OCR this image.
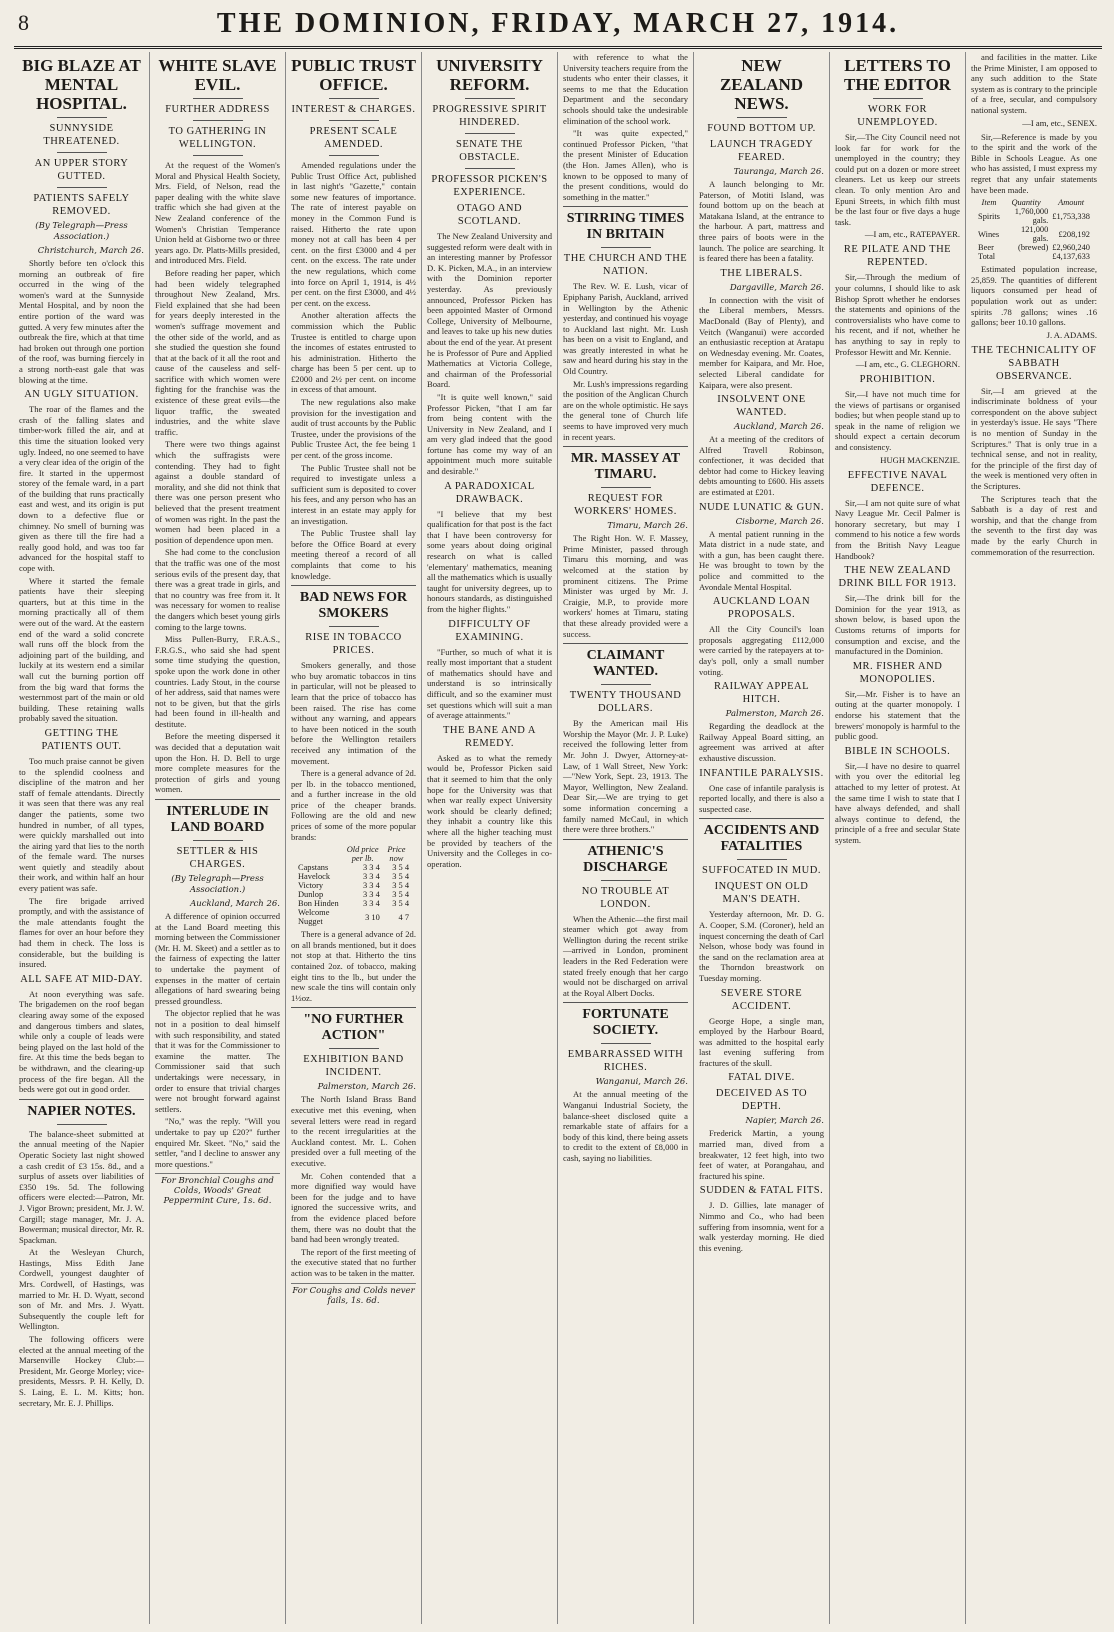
8	THE DOMINION, FRIDAY, MARCH 27, 1914.
BIG BLAZE AT MENTAL HOSPITAL.
SUNNYSIDE THREATENED.
AN UPPER STORY GUTTED.
PATIENTS SAFELY REMOVED.
(By Telegraph—Press Association.)
Christchurch, March 26.

Shortly before ten o'clock this morning an outbreak of fire occurred in the wing of the women's ward at the Sunnyside Mental Hospital, and by noon the entire portion of the ward was gutted. A very few minutes after the outbreak the fire, which at that time had broken out through one portion of the roof, was burning fiercely in a strong north-east gale that was blowing at the time.

AN UGLY SITUATION.

The roar of the flames and the crash of the falling slates and timber-work filled the air, and at this time the situation looked very ugly. Indeed, no one seemed to have a very clear idea of the origin of the fire. It started in the uppermost storey of the female ward, in a part of the building that runs practically east and west, and its origin is put down to a defective flue or chimney. No smell of burning was given as there till the fire had a really good hold, and was too far advanced for the hospital staff to cope with.

Where it started the female patients have their sleeping quarters, but at this time in the morning practically all of them were out of the ward. At the eastern end of the ward a solid concrete wall runs off the block from the adjoining part of the building, and luckily at its western end a similar wall cut the burning portion off from the big ward that forms the westernmost part of the main or old building. These retaining walls probably saved the situation.

GETTING THE PATIENTS OUT.

Too much praise cannot be given to the splendid coolness and discipline of the matron and her staff of female attendants. Directly it was seen that there was any real danger the patients, some two hundred in number, of all types, were quickly marshalled out into the airing yard that lies to the north of the female ward. The nurses went quietly and steadily about their work, and within half an hour every patient was safe.

The fire brigade arrived promptly, and with the assistance of the male attendants fought the flames for over an hour before they had them in check. The loss is considerable, but the building is insured.

ALL SAFE AT MID-DAY.

At noon everything was safe. The brigademen on the roof began clearing away some of the exposed and dangerous timbers and slates, while only a couple of leads were being played on the last hold of the fire. At this time the beds began to be withdrawn, and the clearing-up process of the fire began. All the beds were got out in good order.

NAPIER NOTES.

The balance-sheet submitted at the annual meeting of the Napier Operatic Society last night showed a cash credit of £3 15s. 8d., and a surplus of assets over liabilities of £350 19s. 5d. The following officers were elected:—Patron, Mr. J. Vigor Brown; president, Mr. J. W. Cargill; stage manager, Mr. J. A. Bowerman; musical director, Mr. R. Spackman.

At the Wesleyan Church, Hastings, Miss Edith Jane Cordwell, youngest daughter of Mrs. Cordwell, of Hastings, was married to Mr. H. D. Wyatt, second son of Mr. and Mrs. J. Wyatt. Subsequently the couple left for Wellington.

The following officers were elected at the annual meeting of the Marsenville Hockey Club:—President, Mr. George Morley; vice-presidents, Messrs. P. H. Kelly, D. S. Laing, E. L. M. Kitts; hon. secretary, Mr. E. J. Phillips.

WHITE SLAVE EVIL.
FURTHER ADDRESS
TO GATHERING IN WELLINGTON.

At the request of the Women's Moral and Physical Health Society, Mrs. Field, of Nelson, read the paper dealing with the white slave traffic which she had given at the New Zealand conference of the Women's Christian Temperance Union held at Gisborne two or three years ago. Dr. Platts-Mills presided, and introduced Mrs. Field.

Before reading her paper, which had been widely telegraphed throughout New Zealand, Mrs. Field explained that she had been for years deeply interested in the women's suffrage movement and the other side of the world, and as she studied the question she found that at the back of it all the root and cause of the causeless and self-sacrifice with which women were fighting for the franchise was the existence of these great evils—the liquor traffic, the sweated industries, and the white slave traffic.

There were two things against which the suffragists were contending. They had to fight against a double standard of morality, and she did not think that there was one person present who believed that the present treatment of women was right. In the past the women had been placed in a position of dependence upon men.

She had come to the conclusion that the traffic was one of the most serious evils of the present day, that there was a great trade in girls, and that no country was free from it. It was necessary for women to realise the dangers which beset young girls coming to the large towns.

Miss Pullen-Burry, F.R.A.S., F.R.G.S., who said she had spent some time studying the question, spoke upon the work done in other countries. Lady Stout, in the course of her address, said that names were not to be given, but that the girls had been found in ill-health and destitute.

Before the meeting dispersed it was decided that a deputation wait upon the Hon. H. D. Bell to urge more complete measures for the protection of girls and young women.

INTERLUDE IN LAND BOARD
SETTLER & HIS CHARGES.
(By Telegraph—Press Association.)
Auckland, March 26.

A difference of opinion occurred at the Land Board meeting this morning between the Commissioner (Mr. H. M. Skeet) and a settler as to the fairness of expecting the latter to undertake the payment of expenses in the matter of certain allegations of hard swearing being pressed groundless.

The objector replied that he was not in a position to deal himself with such responsibility, and stated that it was for the Commissioner to examine the matter. The Commissioner said that such undertakings were necessary, in order to ensure that trivial charges were not brought forward against settlers.

"No," was the reply. "Will you undertake to pay up £20?" further enquired Mr. Skeet. "No," said the settler, "and I decline to answer any more questions."

For Bronchial Coughs and Colds, Woods' Great Peppermint Cure, 1s. 6d.
PUBLIC TRUST OFFICE.
INTEREST & CHARGES.
PRESENT SCALE AMENDED.

Amended regulations under the Public Trust Office Act, published in last night's "Gazette," contain some new features of importance. The rate of interest payable on money in the Common Fund is raised. Hitherto the rate upon money not at call has been 4 per cent. on the first £3000 and 4 per cent. on the excess. The rate under the new regulations, which come into force on April 1, 1914, is 4½ per cent. on the first £3000, and 4½ per cent. on the excess.

Another alteration affects the commission which the Public Trustee is entitled to charge upon the incomes of estates entrusted to his administration. Hitherto the charge has been 5 per cent. up to £2000 and 2½ per cent. on income in excess of that amount.

The new regulations also make provision for the investigation and audit of trust accounts by the Public Trustee, under the provisions of the Public Trustee Act, the fee being 1 per cent. of the gross income.

The Public Trustee shall not be required to investigate unless a sufficient sum is deposited to cover his fees, and any person who has an interest in an estate may apply for an investigation.

The Public Trustee shall lay before the Office Board at every meeting thereof a record of all complaints that come to his knowledge.

BAD NEWS FOR SMOKERS
RISE IN TOBACCO PRICES.

Smokers generally, and those who buy aromatic tobaccos in tins in particular, will not be pleased to learn that the price of tobacco has been raised. The rise has come without any warning, and appears to have been noticed in the south before the Wellington retailers received any intimation of the movement.

There is a general advance of 2d. per lb. in the tobacco mentioned, and a further increase in the old price of the cheaper brands. Following are the old and new prices of some of the more popular brands:

	Old price per lb.	Price now
Capstans	3 3 4	3 5 4
Havelock	3 3 4	3 5 4
Victory	3 3 4	3 5 4
Dunlop	3 3 4	3 5 4
Bon Hinden	3 3 4	3 5 4
Welcome Nugget	3 10	4 7

There is a general advance of 2d. on all brands mentioned, but it does not stop at that. Hitherto the tins contained 2oz. of tobacco, making eight tins to the lb., but under the new scale the tins will contain only 1½oz.

"NO FURTHER ACTION"
EXHIBITION BAND INCIDENT.
Palmerston, March 26.

The North Island Brass Band executive met this evening, when several letters were read in regard to the recent irregularities at the Auckland contest. Mr. L. Cohen presided over a full meeting of the executive.

Mr. Cohen contended that a more dignified way would have been for the judge and to have ignored the successive writs, and from the evidence placed before them, there was no doubt that the band had been wrongly treated.

The report of the first meeting of the executive stated that no further action was to be taken in the matter.

For Coughs and Colds never fails, 1s. 6d.
UNIVERSITY REFORM.
PROGRESSIVE SPIRIT HINDERED.
SENATE THE OBSTACLE.
PROFESSOR PICKEN'S EXPERIENCE.
OTAGO AND SCOTLAND.

The New Zealand University and suggested reform were dealt with in an interesting manner by Professor D. K. Picken, M.A., in an interview with the Dominion reporter yesterday. As previously announced, Professor Picken has been appointed Master of Ormond College, University of Melbourne, and leaves to take up his new duties about the end of the year. At present he is Professor of Pure and Applied Mathematics at Victoria College, and chairman of the Professorial Board.

"It is quite well known," said Professor Picken, "that I am far from being content with the University in New Zealand, and I am very glad indeed that the good fortune has come my way of an appointment much more suitable and desirable."

A PARADOXICAL DRAWBACK.

"I believe that my best qualification for that post is the fact that I have been controversy for some years about doing original research on what is called 'elementary' mathematics, meaning all the mathematics which is usually taught for university degrees, up to honours standards, as distinguished from the higher flights."

DIFFICULTY OF EXAMINING.

"Further, so much of what it is really most important that a student of mathematics should have and understand is so intrinsically difficult, and so the examiner must set questions which will suit a man of average attainments."

THE BANE AND A REMEDY.

Asked as to what the remedy would be, Professor Picken said that it seemed to him that the only hope for the University was that when war really expect University work should be clearly defined; they inhabit a country like this where all the higher teaching must be provided by teachers of the University and the Colleges in co-operation.

with reference to what the University teachers require from the students who enter their classes, it seems to me that the Education Department and the secondary schools should take the undesirable elimination of the school work.

"It was quite expected," continued Professor Picken, "that the present Minister of Education (the Hon. James Allen), who is known to be opposed to many of the present conditions, would do something in the matter."

STIRRING TIMES IN BRITAIN
THE CHURCH AND THE NATION.

The Rev. W. E. Lush, vicar of Epiphany Parish, Auckland, arrived in Wellington by the Athenic yesterday, and continued his voyage to Auckland last night. Mr. Lush has been on a visit to England, and was greatly interested in what he saw and heard during his stay in the Old Country.

Mr. Lush's impressions regarding the position of the Anglican Church are on the whole optimistic. He says the general tone of Church life seems to have improved very much in recent years.

MR. MASSEY AT TIMARU.
REQUEST FOR WORKERS' HOMES.
Timaru, March 26.

The Right Hon. W. F. Massey, Prime Minister, passed through Timaru this morning, and was welcomed at the station by prominent citizens. The Prime Minister was urged by Mr. J. Craigie, M.P., to provide more workers' homes at Timaru, stating that these already provided were a success.

CLAIMANT WANTED.
TWENTY THOUSAND DOLLARS.

By the American mail His Worship the Mayor (Mr. J. P. Luke) received the following letter from Mr. John J. Dwyer, Attorney-at-Law, of 1 Wall Street, New York:—"New York, Sept. 23, 1913. The Mayor, Wellington, New Zealand. Dear Sir,—We are trying to get some information concerning a family named McCaul, in which there were three brothers."

ATHENIC'S DISCHARGE
NO TROUBLE AT LONDON.

When the Athenic—the first mail steamer which got away from Wellington during the recent strike—arrived in London, prominent leaders in the Red Federation were stated freely enough that her cargo would not be discharged on arrival at the Royal Albert Docks.

FORTUNATE SOCIETY.
EMBARRASSED WITH RICHES.
Wanganui, March 26.

At the annual meeting of the Wanganui Industrial Society, the balance-sheet disclosed quite a remarkable state of affairs for a body of this kind, there being assets to credit to the extent of £8,000 in cash, saying no liabilities.

NEW ZEALAND NEWS.
FOUND BOTTOM UP.
LAUNCH TRAGEDY FEARED.
Tauranga, March 26.

A launch belonging to Mr. Paterson, of Motiti Island, was found bottom up on the beach at Matakana Island, at the entrance to the harbour. A part, mattress and three pairs of boots were in the launch. The police are searching. It is feared there has been a fatality.

THE LIBERALS.
Dargaville, March 26.

In connection with the visit of the Liberal members, Messrs. MacDonald (Bay of Plenty), and Veitch (Wanganui) were accorded an enthusiastic reception at Aratapu on Wednesday evening. Mr. Coates, member for Kaipara, and Mr. Hoe, selected Liberal candidate for Kaipara, were also present.

INSOLVENT ONE WANTED.
Auckland, March 26.

At a meeting of the creditors of Alfred Travell Robinson, confectioner, it was decided that debtor had come to Hickey leaving debts amounting to £600. His assets are estimated at £201.

NUDE LUNATIC & GUN.
Cisborne, March 26.

A mental patient running in the Mata district in a nude state, and with a gun, has been caught there. He was brought to town by the police and committed to the Avondale Mental Hospital.

AUCKLAND LOAN PROPOSALS.

All the City Council's loan proposals aggregating £112,000 were carried by the ratepayers at to-day's poll, only a small number voting.

RAILWAY APPEAL HITCH.
Palmerston, March 26.

Regarding the deadlock at the Railway Appeal Board sitting, an agreement was arrived at after exhaustive discussion.

INFANTILE PARALYSIS.

One case of infantile paralysis is reported locally, and there is also a suspected case.

ACCIDENTS AND FATALITIES
SUFFOCATED IN MUD.
INQUEST ON OLD MAN'S DEATH.

Yesterday afternoon, Mr. D. G. A. Cooper, S.M. (Coroner), held an inquest concerning the death of Carl Nelson, whose body was found in the sand on the reclamation area at the Thorndon breastwork on Tuesday morning.

SEVERE STORE ACCIDENT.

George Hope, a single man, employed by the Harbour Board, was admitted to the hospital early last evening suffering from fractures of the skull.

FATAL DIVE.
DECEIVED AS TO DEPTH.
Napier, March 26.

Frederick Martin, a young married man, dived from a breakwater, 12 feet high, into two feet of water, at Porangahau, and fractured his spine.

SUDDEN & FATAL FITS.

J. D. Gillies, late manager of Nimmo and Co., who had been suffering from insomnia, went for a walk yesterday morning. He died this evening.

LETTERS TO THE EDITOR
WORK FOR UNEMPLOYED.

Sir,—The City Council need not look far for work for the unemployed in the country; they could put on a dozen or more street cleaners. Let us keep our streets clean. To only mention Aro and Epuni Streets, in which filth must be the last four or five days a huge task.

—I am, etc., RATEPAYER.
RE PILATE AND THE REPENTED.

Sir,—Through the medium of your columns, I should like to ask Bishop Sprott whether he endorses the statements and opinions of the controversialists who have come to his recent, and if not, whether he has anything to say in reply to Professor Hewitt and Mr. Kennie.

—I am, etc., G. CLEGHORN.
PROHIBITION.

Sir,—I have not much time for the views of partisans or organised bodies; but when people stand up to speak in the name of religion we should expect a certain decorum and consistency.

HUGH MACKENZIE.
EFFECTIVE NAVAL DEFENCE.

Sir,—I am not quite sure of what Navy League Mr. Cecil Palmer is honorary secretary, but may I commend to his notice a few words from the British Navy League Handbook?

THE NEW ZEALAND DRINK BILL FOR 1913.

Sir,—The drink bill for the Dominion for the year 1913, as shown below, is based upon the Customs returns of imports for consumption and excise, and the manufactured in the Dominion.

MR. FISHER AND MONOPOLIES.

Sir,—Mr. Fisher is to have an outing at the quarter monopoly. I endorse his statement that the brewers' monopoly is harmful to the public good.

BIBLE IN SCHOOLS.

Sir,—I have no desire to quarrel with you over the editorial leg attached to my letter of protest. At the same time I wish to state that I have always defended, and shall always continue to defend, the principle of a free and secular State system.

and facilities in the matter. Like the Prime Minister, I am opposed to any such addition to the State system as is contrary to the principle of a free, secular, and compulsory national system.

—I am, etc., SENEX.

Sir,—Reference is made by you to the spirit and the work of the Bible in Schools League. As one who has assisted, I must express my regret that any unfair statements have been made.

Item	Quantity	Amount
Spirits	1,760,000 gals.	£1,753,338
Wines	121,000 gals.	£208,192
Beer	(brewed)	£2,960,240
Total		£4,137,633

Estimated population increase, 25,859. The quantities of different liquors consumed per head of population work out as under: spirits .78 gallons; wines .16 gallons; beer 10.10 gallons.

J. A. ADAMS.
THE TECHNICALITY OF SABBATH OBSERVANCE.

Sir,—I am grieved at the indiscriminate boldness of your correspondent on the above subject in yesterday's issue. He says "There is no mention of Sunday in the Scriptures." That is only true in a technical sense, and not in reality, for the principle of the first day of the week is mentioned very often in the Scriptures.

The Scriptures teach that the Sabbath is a day of rest and worship, and that the change from the seventh to the first day was made by the early Church in commemoration of the resurrection.
